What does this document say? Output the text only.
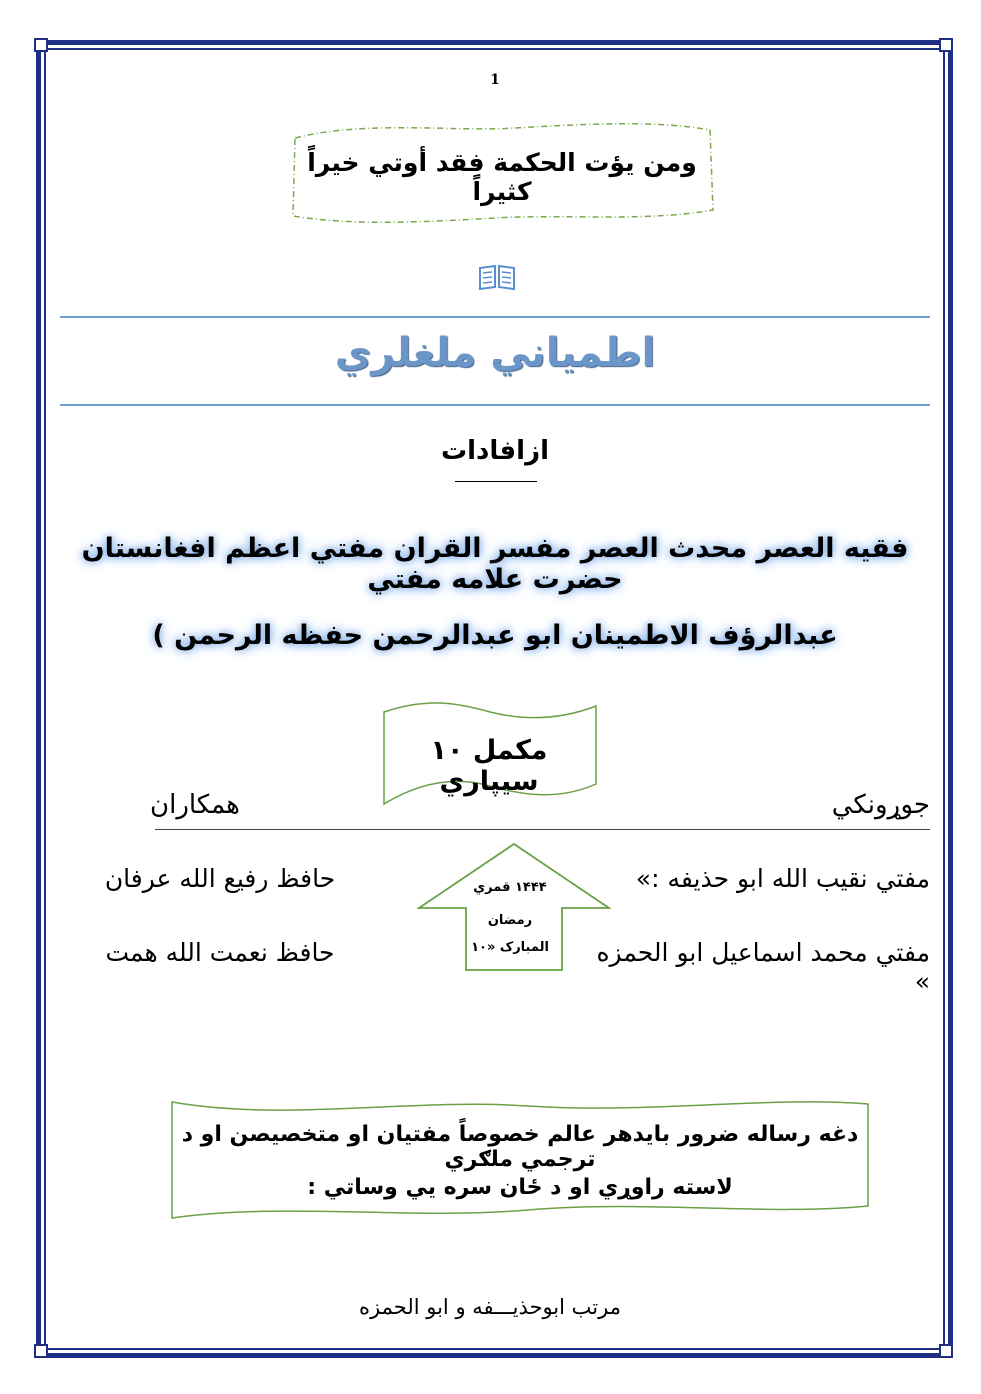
1
ومن يؤت الحكمة فقد أوتي خيراً كثيراً
اطمياني ملغلري
ازافادات
فقيه العصر محدث العصر مفسر القران مفتي اعظم افغانستان حضرت علامه مفتي
عبدالرؤف الاطمينان ابو عبدالرحمن حفظه الرحمن )
مكمل ١٠ سيپاري
جوړونكي
همكاران
مفتي نقيب الله ابو حذيفه :»
مفتي محمد اسماعيل ابو الحمزه »
حافظ رفيع الله عرفان
حافظ نعمت الله همت
١۴۴۴ قمري
رمضان
المبارک «١٠
دغه رساله ضرور بايدهر عالم خصوصاً مفتيان او متخصيصن او د ترجمي ملګري
لاسته راوړي او د ځان سره يي وساتي :
مرتب ابوحذيـــفه و ابو الحمزه
